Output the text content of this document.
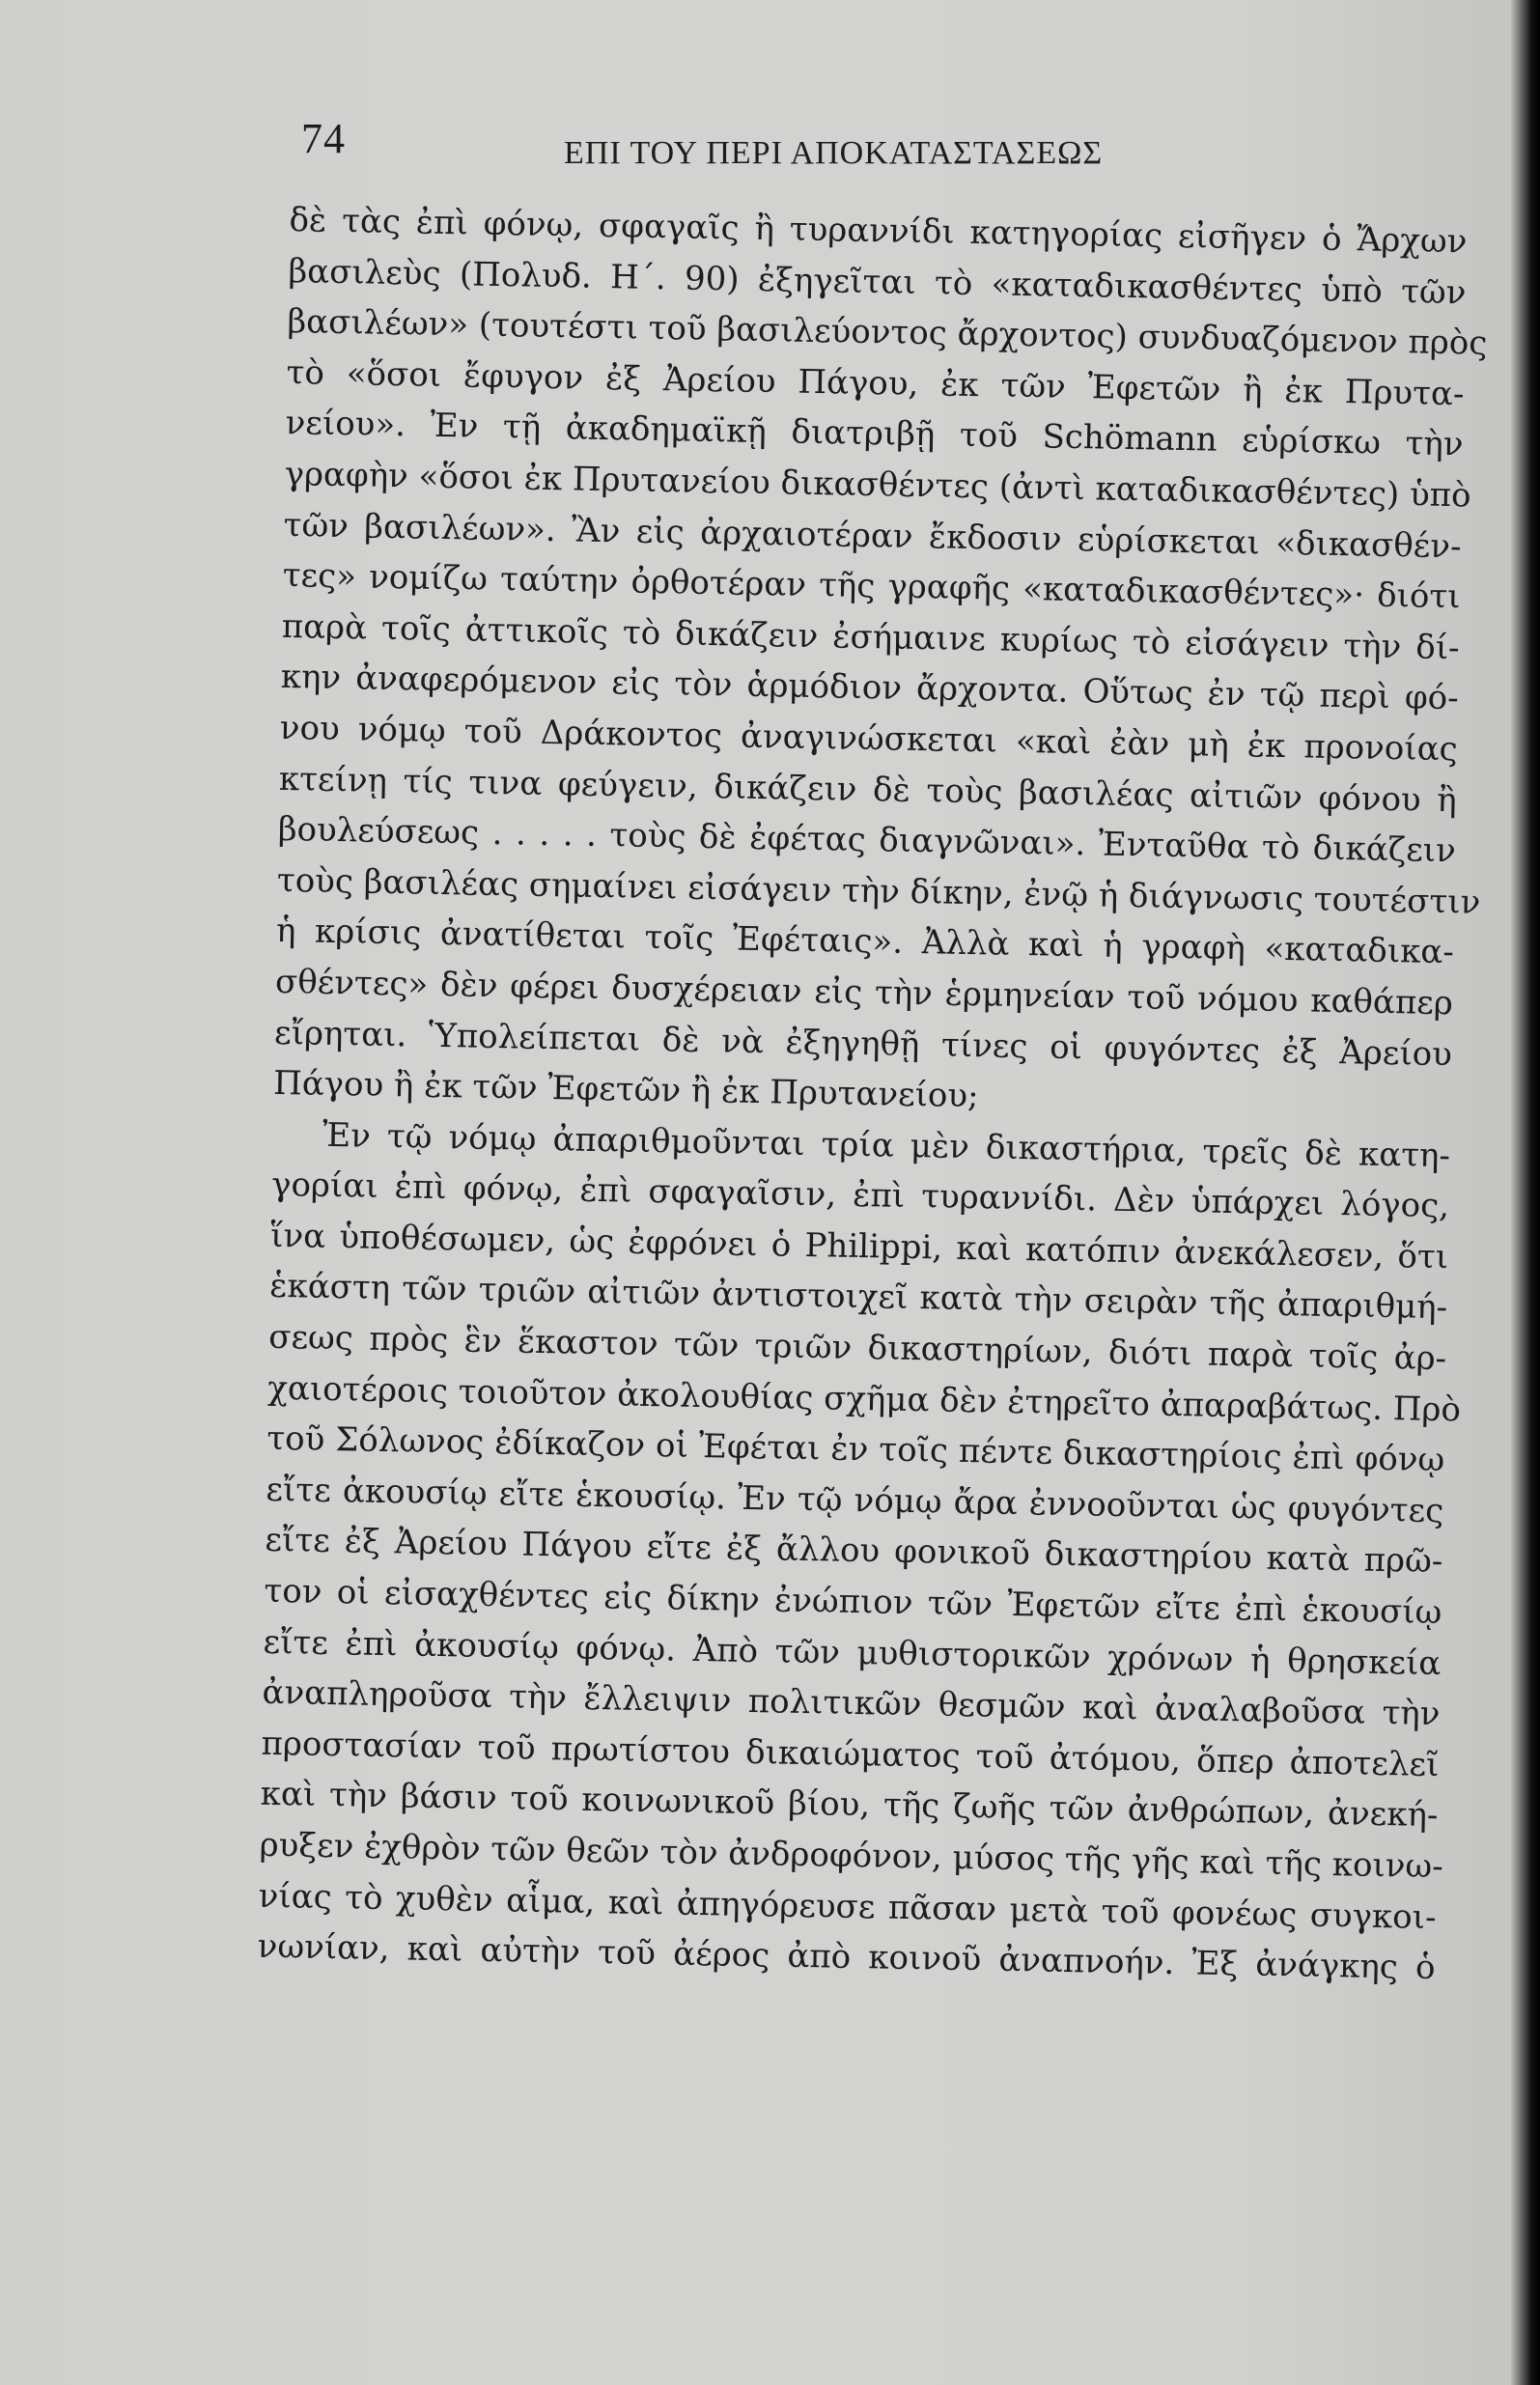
74	ΕΠΙ ΤΟΥ ΠΕΡΙ ΑΠΟΚΑΤΑΣΤΑΣΕΩΣ
δὲ τὰς ἐπὶ φόνῳ, σφαγαῖς ἢ τυραννίδι κατηγορίας εἰσῆγεν ὁ Ἄρχων
βασιλεὺς (Πολυδ. Η΄. 90) ἐξηγεῖται τὸ «καταδικασθέντες ὑπὸ τῶν
βασιλέων» (τουτέστι τοῦ βασιλεύοντος ἄρχοντος) συνδυαζόμενον πρὸς
τὸ «ὅσοι ἔφυγον ἐξ Ἀρείου Πάγου, ἐκ τῶν Ἐφετῶν ἢ ἐκ Πρυτα-
νείου». Ἐν τῇ ἀκαδημαϊκῇ διατριβῇ τοῦ Schömann εὑρίσκω τὴν
γραφὴν «ὅσοι ἐκ Πρυτανείου δικασθέντες (ἀντὶ καταδικασθέντες) ὑπὸ
τῶν βασιλέων». Ἂν εἰς ἀρχαιοτέραν ἔκδοσιν εὑρίσκεται «δικασθέν-
τες» νομίζω ταύτην ὀρθοτέραν τῆς γραφῆς «καταδικασθέντες»· διότι
παρὰ τοῖς ἀττικοῖς τὸ δικάζειν ἐσήμαινε κυρίως τὸ εἰσάγειν τὴν δί-
κην ἀναφερόμενον εἰς τὸν ἁρμόδιον ἄρχοντα. Οὕτως ἐν τῷ περὶ φό-
νου νόμῳ τοῦ Δράκοντος ἀναγινώσκεται «καὶ ἐὰν μὴ ἐκ προνοίας
κτείνῃ τίς τινα φεύγειν, δικάζειν δὲ τοὺς βασιλέας αἰτιῶν φόνου ἢ
βουλεύσεως . . . . . τοὺς δὲ ἐφέτας διαγνῶναι». Ἐνταῦθα τὸ δικάζειν
τοὺς βασιλέας σημαίνει εἰσάγειν τὴν δίκην, ἐνῷ ἡ διάγνωσις τουτέστιν
ἡ κρίσις ἀνατίθεται τοῖς Ἐφέταις». Ἀλλὰ καὶ ἡ γραφὴ «καταδικα-
σθέντες» δὲν φέρει δυσχέρειαν εἰς τὴν ἑρμηνείαν τοῦ νόμου καθάπερ
εἴρηται. Ὑπολείπεται δὲ νὰ ἐξηγηθῇ τίνες οἱ φυγόντες ἐξ Ἀρείου
Πάγου ἢ ἐκ τῶν Ἐφετῶν ἢ ἐκ Πρυτανείου;
Ἐν τῷ νόμῳ ἀπαριθμοῦνται τρία μὲν δικαστήρια, τρεῖς δὲ κατη-
γορίαι ἐπὶ φόνῳ, ἐπὶ σφαγαῖσιν, ἐπὶ τυραννίδι. Δὲν ὑπάρχει λόγος,
ἵνα ὑποθέσωμεν, ὡς ἐφρόνει ὁ Philippi, καὶ κατόπιν ἀνεκάλεσεν, ὅτι
ἑκάστη τῶν τριῶν αἰτιῶν ἀντιστοιχεῖ κατὰ τὴν σειρὰν τῆς ἀπαριθμή-
σεως πρὸς ἓν ἕκαστον τῶν τριῶν δικαστηρίων, διότι παρὰ τοῖς ἀρ-
χαιοτέροις τοιοῦτον ἀκολουθίας σχῆμα δὲν ἐτηρεῖτο ἀπαραβάτως. Πρὸ
τοῦ Σόλωνος ἐδίκαζον οἱ Ἐφέται ἐν τοῖς πέντε δικαστηρίοις ἐπὶ φόνῳ
εἴτε ἀκουσίῳ εἴτε ἑκουσίῳ. Ἐν τῷ νόμῳ ἄρα ἐννοοῦνται ὡς φυγόντες
εἴτε ἐξ Ἀρείου Πάγου εἴτε ἐξ ἄλλου φονικοῦ δικαστηρίου κατὰ πρῶ-
τον οἱ εἰσαχθέντες εἰς δίκην ἐνώπιον τῶν Ἐφετῶν εἴτε ἐπὶ ἑκουσίῳ
εἴτε ἐπὶ ἀκουσίῳ φόνῳ. Ἀπὸ τῶν μυθιστορικῶν χρόνων ἡ θρησκεία
ἀναπληροῦσα τὴν ἔλλειψιν πολιτικῶν θεσμῶν καὶ ἀναλαβοῦσα τὴν
προστασίαν τοῦ πρωτίστου δικαιώματος τοῦ ἀτόμου, ὅπερ ἀποτελεῖ
καὶ τὴν βάσιν τοῦ κοινωνικοῦ βίου, τῆς ζωῆς τῶν ἀνθρώπων, ἀνεκή-
ρυξεν ἐχθρὸν τῶν θεῶν τὸν ἀνδροφόνον, μύσος τῆς γῆς καὶ τῆς κοινω-
νίας τὸ χυθὲν αἷμα, καὶ ἀπηγόρευσε πᾶσαν μετὰ τοῦ φονέως συγκοι-
νωνίαν, καὶ αὐτὴν τοῦ ἀέρος ἀπὸ κοινοῦ ἀναπνοήν. Ἐξ ἀνάγκης ὁ
